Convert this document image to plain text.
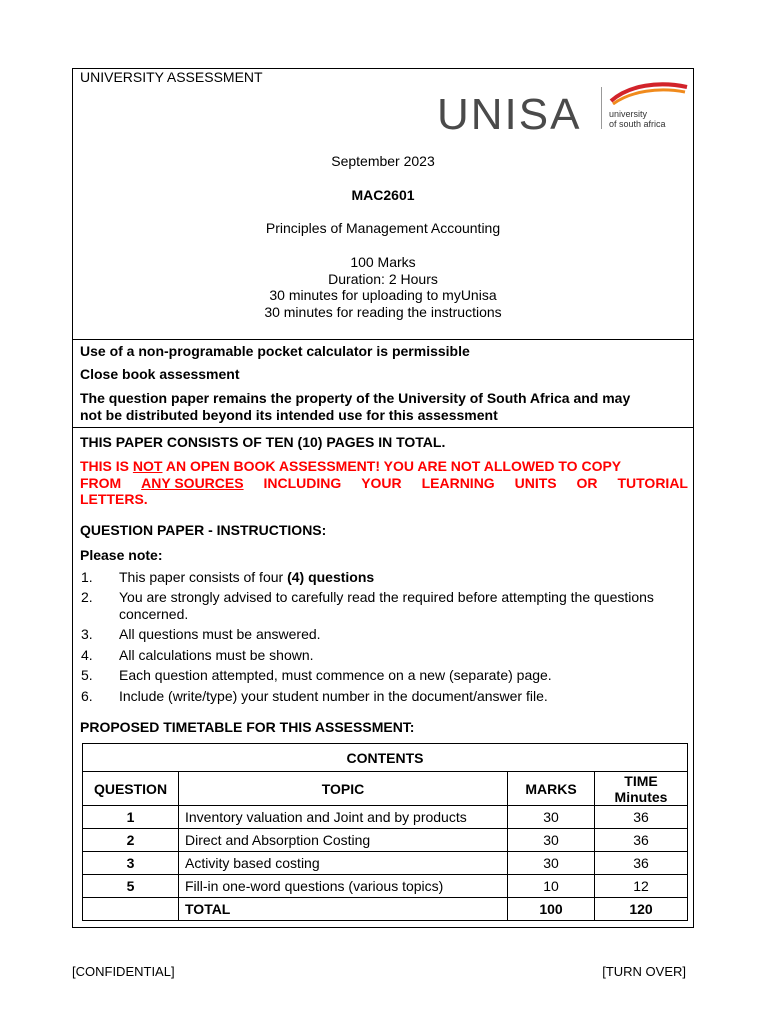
UNIVERSITY ASSESSMENT
UNISA	university
of south africa
September 2023
MAC2601
Principles of Management Accounting
100 Marks
Duration: 2 Hours
30 minutes for uploading to myUnisa
30 minutes for reading the instructions
Use of a non-programable pocket calculator is permissible
Close book assessment
The question paper remains the property of the University of South Africa and may
not be distributed beyond its intended use for this assessment
THIS PAPER CONSISTS OF TEN (10) PAGES IN TOTAL.
THIS IS NOT AN OPEN BOOK ASSESSMENT! YOU ARE NOT ALLOWED TO COPY
FROM ANY SOURCES INCLUDING YOUR LEARNING UNITS OR TUTORIAL
LETTERS.
QUESTION PAPER - INSTRUCTIONS:
Please note:
1. This paper consists of four (4) questions
2. You are strongly advised to carefully read the required before attempting the questions concerned.
3. All questions must be answered.
4. All calculations must be shown.
5. Each question attempted, must commence on a new (separate) page.
6. Include (write/type) your student number in the document/answer file.
PROPOSED TIMETABLE FOR THIS ASSESSMENT:
CONTENTS			
QUESTION	TOPIC	MARKS	TIME
Minutes

1	Inventory valuation and Joint and by products	30	36
2	Direct and Absorption Costing	30	36
3	Activity based costing	30	36
5	Fill-in one-word questions (various topics)	10	12
	TOTAL	100	120
[CONFIDENTIAL]	[TURN OVER]
